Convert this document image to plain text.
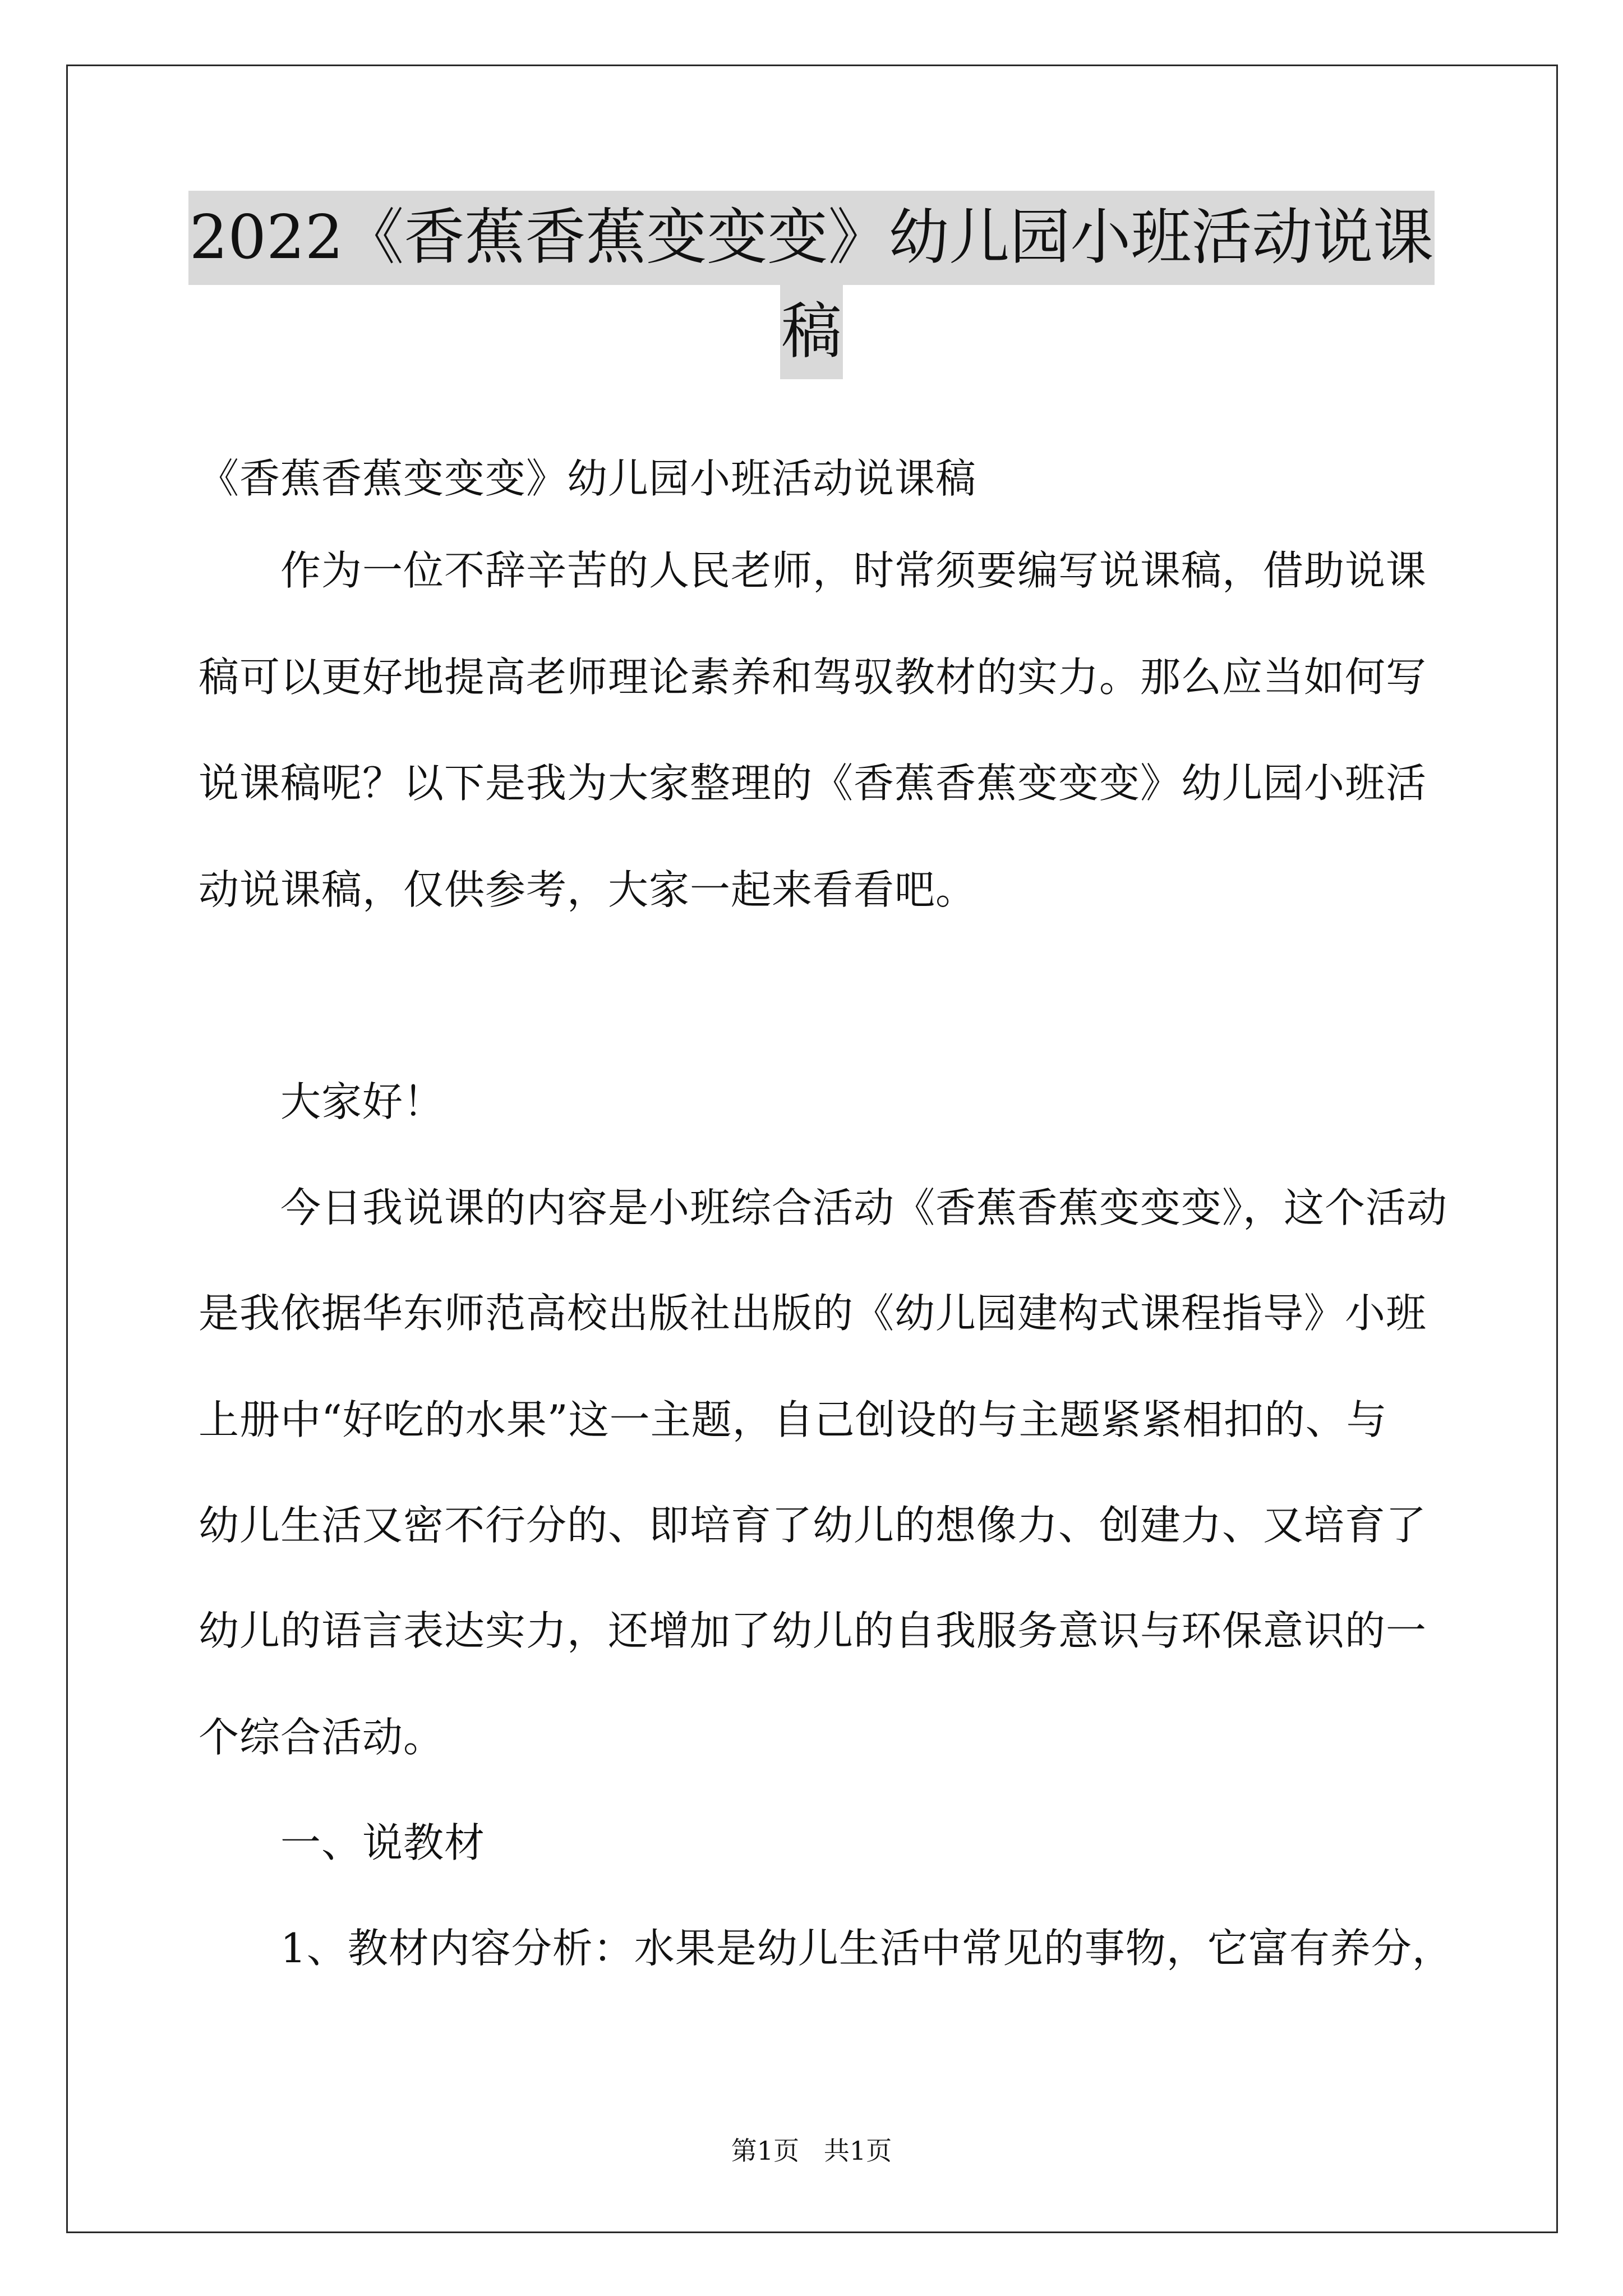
2022《香蕉香蕉变变变》幼儿园小班活动说课
稿
《香蕉香蕉变变变》幼儿园小班活动说课稿
作为一位不辞辛苦的人民老师，时常须要编写说课稿，借助说课
稿可以更好地提高老师理论素养和驾驭教材的实力。那么应当如何写
说课稿呢？以下是我为大家整理的《香蕉香蕉变变变》幼儿园小班活
动说课稿，仅供参考，大家一起来看看吧。
大家好！
今日我说课的内容是小班综合活动《香蕉香蕉变变变》，这个活动
是我依据华东师范高校出版社出版的《幼儿园建构式课程指导》小班
上册中“好吃的水果”这一主题，自己创设的与主题紧紧相扣的、与
幼儿生活又密不行分的、即培育了幼儿的想像力、创建力、又培育了
幼儿的语言表达实力，还增加了幼儿的自我服务意识与环保意识的一
个综合活动。
一、说教材
1、教材内容分析：水果是幼儿生活中常见的事物，它富有养分，
第1页   共1页
